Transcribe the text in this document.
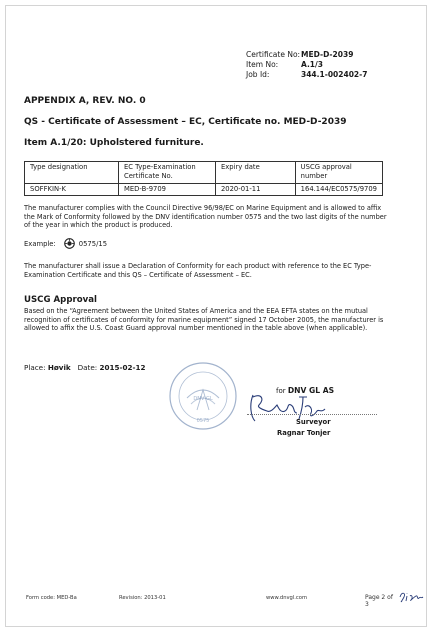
Certificate No: MED-D-2039
Item No:	A.1/3
Job Id:	344.1-002402-7
APPENDIX A, REV. NO. 0
QS - Certificate of Assessment – EC, Certificate no. MED-D-2039
Item A.1/20: Upholstered furniture.
Type designation	EC Type-Examination Certificate No.	Expiry date	USCG approval number
SOFFKIN-K	MED-B-9709	2020-01-11	164.144/EC0575/9709
The manufacturer complies with the Council Directive 96/98/EC on Marine Equipment and is allowed to affix the Mark of Conformity followed by the DNV identification number 0575 and the two last digits of the number of the year in which the product is produced.
Example:	0575/15
The manufacturer shall issue a Declaration of Conformity for each product with reference to the EC Type-Examination Certificate and this QS – Certificate of Assessment – EC.
USCG Approval
Based on the “Agreement between the United States of America and the EEA EFTA states on the mutual recognition of certificates of conformity for marine equipment” signed 17 October 2005, the manufacturer is allowed to affix the U.S. Coast Guard approval number mentioned in the table above (when applicable).
Place: Høvik Date: 2015-02-12
0575
DNV·GL
for DNV GL AS
Surveyor
Ragnar Tonjer
Form code: MED-Ba	Revision: 2013-01	www.dnvgl.com	Page 2 of 3
